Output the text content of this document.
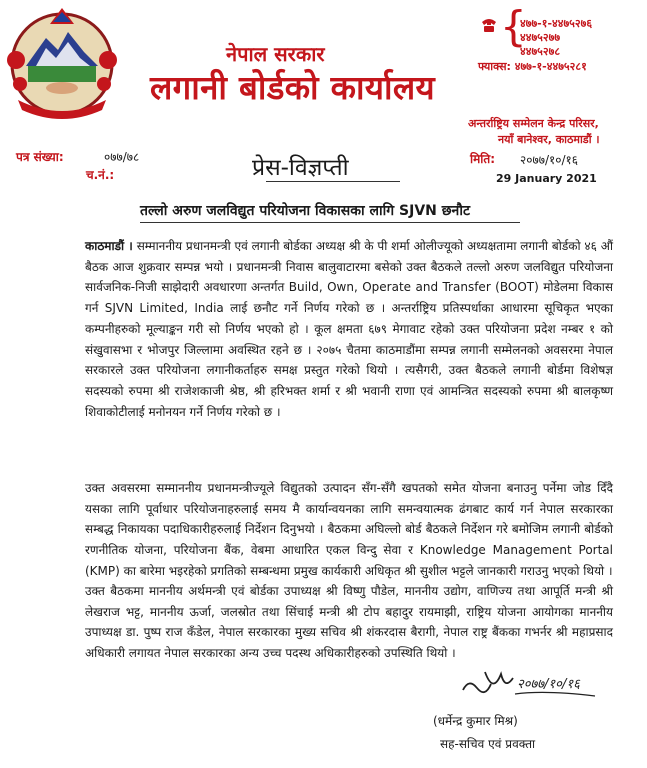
नेपाल सरकार
लगानी बोर्डको कार्यालय
{
४७७-१-४४७५२७६
४४७५२७७
४४७५२७८
फ्याक्स: ४७७-१-४४७५२८१
अन्तर्राष्ट्रिय सम्मेलन केन्द्र परिसर,
नयाँ बानेश्वर, काठमाडौं ।
पत्र संख्या:	०७७/७८
च.नं.:	प्रेस-विज्ञप्ती	मिति: २०७७/१०/१६
29 January 2021
तल्लो अरुण जलविद्युत परियोजना विकासका लागि SJVN छनौट
काठमाडौं । सम्माननीय प्रधानमन्त्री एवं लगानी बोर्डका अध्यक्ष श्री के पी शर्मा ओलीज्यूको अध्यक्षतामा लगानी बोर्डको ४६ औं बैठक आज शुक्रवार सम्पन्न भयो । प्रधानमन्त्री निवास बालुवाटारमा बसेको उक्त बैठकले तल्लो अरुण जलविद्युत परियोजना सार्वजनिक-निजी साझेदारी अवधारणा अन्तर्गत Build, Own, Operate and Transfer (BOOT) मोडेलमा विकास गर्न SJVN Limited, India लाई छनौट गर्ने निर्णय गरेको छ । अन्तर्राष्ट्रिय प्रतिस्पर्धाका आधारमा सूचिकृत भएका कम्पनीहरुको मूल्याङ्कन गरी सो निर्णय भएको हो । कूल क्षमता ६७९ मेगावाट रहेको उक्त परियोजना प्रदेश नम्बर १ को संखुवासभा र भोजपुर जिल्लामा अवस्थित रहने छ । २०७५ चैतमा काठमाडौंमा सम्पन्न लगानी सम्मेलनको अवसरमा नेपाल सरकारले उक्त परियोजना लगानीकर्ताहरु समक्ष प्रस्तुत गरेको थियो । त्यसैगरी, उक्त बैठकले लगानी बोर्डमा विशेषज्ञ सदस्यको रुपमा श्री राजेशकाजी श्रेष्ठ, श्री हरिभक्त शर्मा र श्री भवानी राणा एवं आमन्त्रित सदस्यको रुपमा श्री बालकृष्ण शिवाकोटीलाई मनोनयन गर्ने निर्णय गरेको छ ।
उक्त अवसरमा सम्माननीय प्रधानमन्त्रीज्यूले विद्युतको उत्पादन सँग-सँगै खपतको समेत योजना बनाउनु पर्नेमा जोड दिँदै यसका लागि पूर्वाधार परियोजनाहरुलाई समय मै कार्यान्वयनका लागि समन्वयात्मक ढंगबाट कार्य गर्न नेपाल सरकारका सम्बद्ध निकायका पदाधिकारीहरुलाई निर्देशन दिनुभयो । बैठकमा अघिल्लो बोर्ड बैठकले निर्देशन गरे बमोजिम लगानी बोर्डको रणनीतिक योजना, परियोजना बैंक, वेबमा आधारित एकल विन्दु सेवा र Knowledge Management Portal (KMP) का बारेमा भइरहेको प्रगतिको सम्बन्धमा प्रमुख कार्यकारी अधिकृत श्री सुशील भट्टले जानकारी गराउनु भएको थियो ।
उक्त बैठकमा माननीय अर्थमन्त्री एवं बोर्डका उपाध्यक्ष श्री विष्णु पौडेल, माननीय उद्योग, वाणिज्य तथा आपूर्ति मन्त्री श्री लेखराज भट्ट, माननीय ऊर्जा, जलस्रोत तथा सिंचाई मन्त्री श्री टोप बहादुर रायमाझी, राष्ट्रिय योजना आयोगका माननीय उपाध्यक्ष डा. पुष्प राज कँडेल, नेपाल सरकारका मुख्य सचिव श्री शंकरदास बैरागी, नेपाल राष्ट्र बैंकका गभर्नर श्री महाप्रसाद अधिकारी लगायत नेपाल सरकारका अन्य उच्च पदस्थ अधिकारीहरुको उपस्थिति थियो ।
२०७७/१०/१६
(धर्मेन्द्र कुमार मिश्र)
सह-सचिव एवं प्रवक्ता
